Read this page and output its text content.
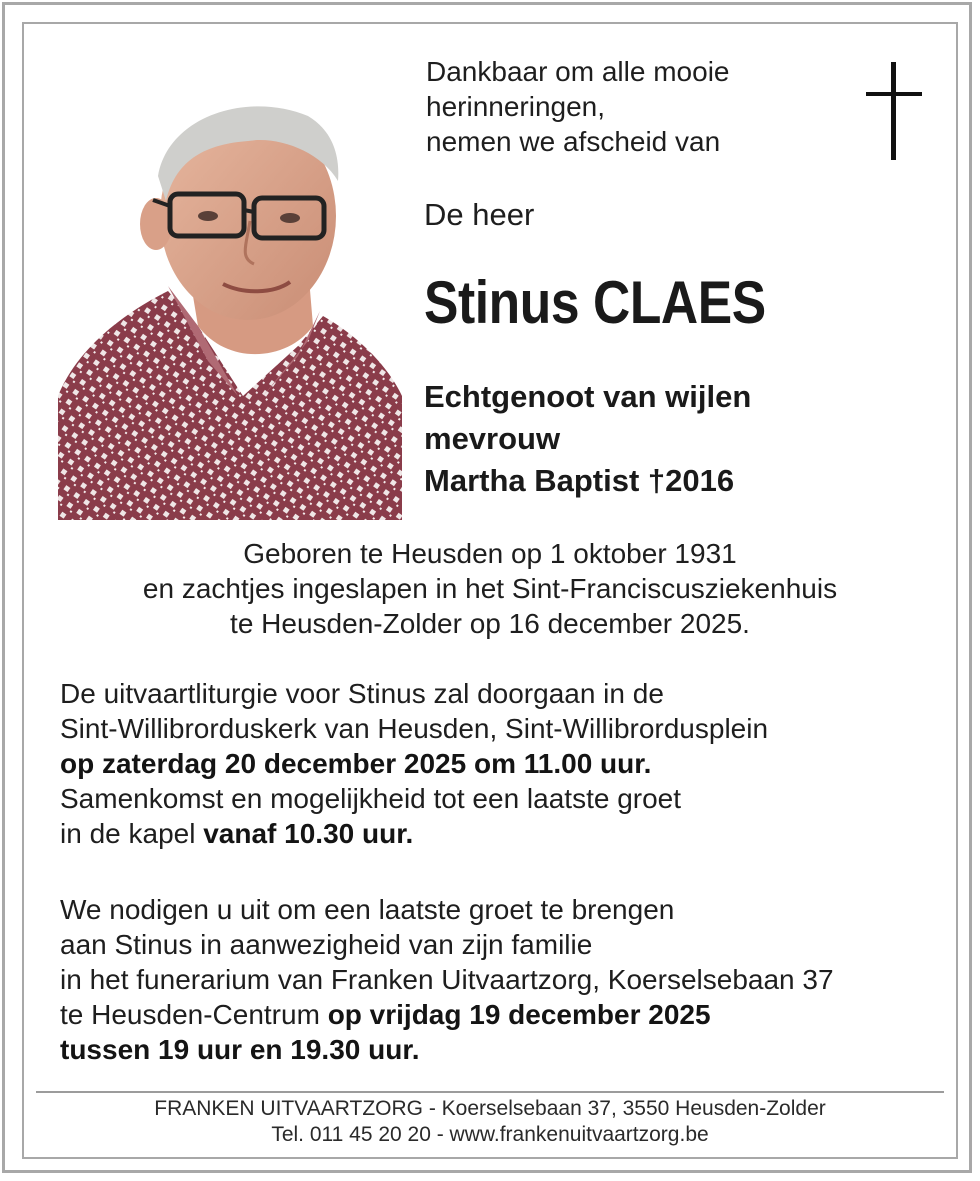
Dankbaar om alle mooie
herinneringen,
nemen we afscheid van
De heer
Stinus CLAES
Echtgenoot van wijlen
mevrouw
Martha Baptist †2016
Geboren te Heusden op 1 oktober 1931
en zachtjes ingeslapen in het Sint-Franciscusziekenhuis
te Heusden-Zolder op 16 december 2025.
De uitvaartliturgie voor Stinus zal doorgaan in de
Sint-Willibrorduskerk van Heusden, Sint-Willibrordusplein
op zaterdag 20 december 2025 om 11.00 uur.
Samenkomst en mogelijkheid tot een laatste groet
in de kapel vanaf 10.30 uur.
We nodigen u uit om een laatste groet te brengen
aan Stinus in aanwezigheid van zijn familie
in het funerarium van Franken Uitvaartzorg, Koerselsebaan 37
te Heusden-Centrum op vrijdag 19 december 2025
tussen 19 uur en 19.30 uur.
FRANKEN UITVAARTZORG - Koerselsebaan 37, 3550 Heusden-Zolder
Tel. 011 45 20 20 - www.frankenuitvaartzorg.be
